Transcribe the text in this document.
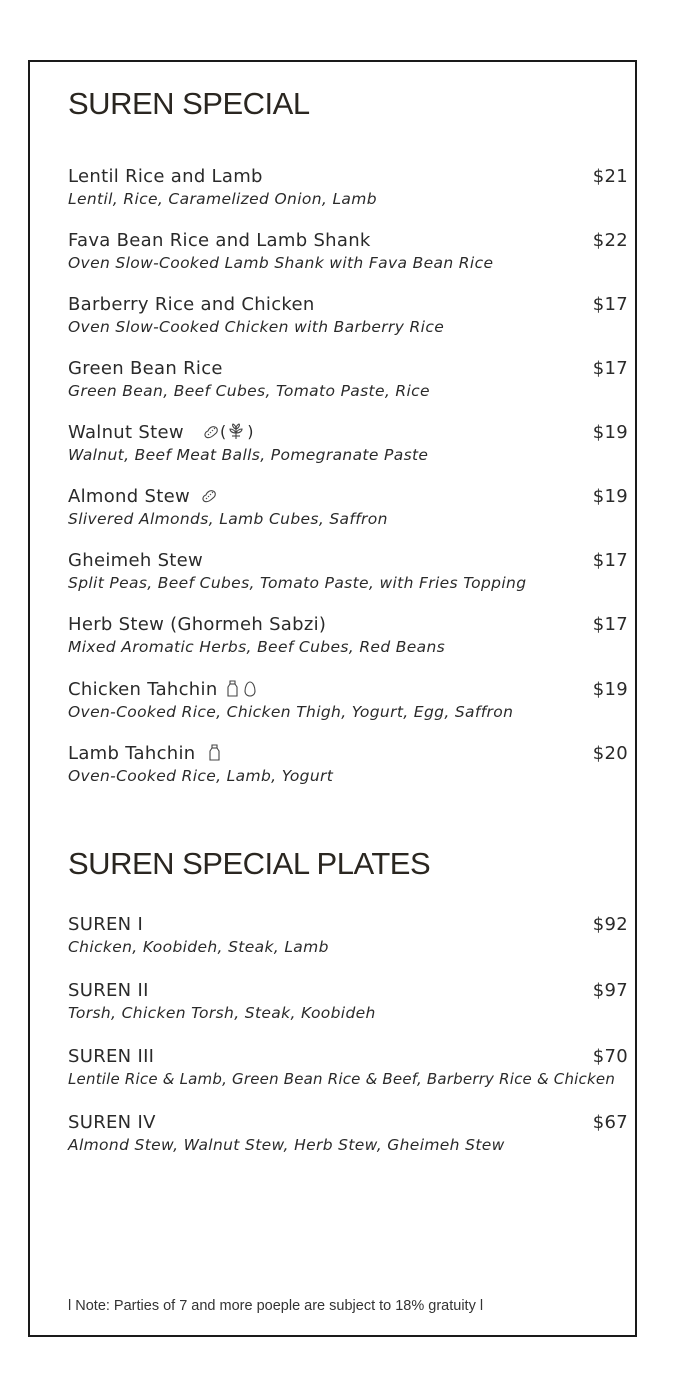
SUREN SPECIAL
Lentil Rice and Lamb	$21
Lentil, Rice, Caramelized Onion, Lamb
Fava Bean Rice and Lamb Shank	$22
Oven Slow-Cooked Lamb Shank with Fava Bean Rice
Barberry Rice and Chicken	$17
Oven Slow-Cooked Chicken with Barberry Rice
Green Bean Rice	$17
Green Bean, Beef Cubes, Tomato Paste, Rice
Walnut Stew ( )	$19
Walnut, Beef Meat Balls, Pomegranate Paste
Almond Stew	$19
Slivered Almonds, Lamb Cubes, Saffron
Gheimeh Stew	$17
Split Peas, Beef Cubes, Tomato Paste, with Fries Topping
Herb Stew (Ghormeh Sabzi)	$17
Mixed Aromatic Herbs, Beef Cubes, Red Beans
Chicken Tahchin	$19
Oven-Cooked Rice, Chicken Thigh, Yogurt, Egg, Saffron
Lamb Tahchin	$20
Oven-Cooked Rice, Lamb, Yogurt
SUREN SPECIAL PLATES
SUREN I	$92
Chicken, Koobideh, Steak, Lamb
SUREN II	$97
Torsh, Chicken Torsh, Steak, Koobideh
SUREN III	$70
Lentile Rice & Lamb, Green Bean Rice & Beef, Barberry Rice & Chicken
SUREN IV	$67
Almond Stew, Walnut Stew, Herb Stew, Gheimeh Stew
l Note: Parties of 7 and more poeple are subject to 18% gratuity l
